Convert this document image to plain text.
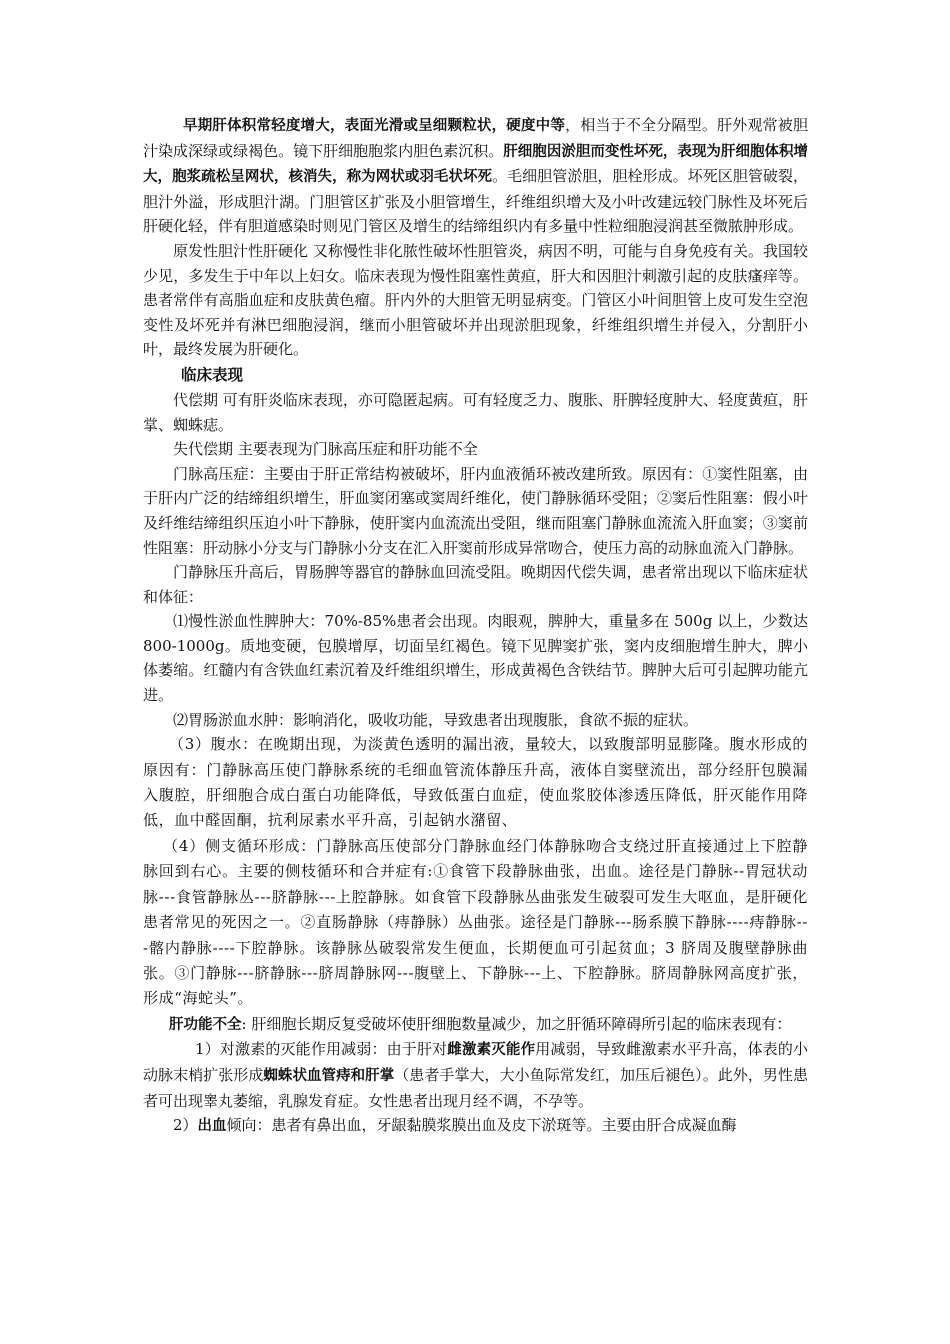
早期肝体积常轻度增大，表面光滑或呈细颗粒状，硬度中等，相当于不全分隔型。肝外观常被胆汁染成深绿或绿褐色。镜下肝细胞胞浆内胆色素沉积。肝细胞因淤胆而变性坏死，表现为肝细胞体积增大，胞浆疏松呈网状，核消失，称为网状或羽毛状坏死。毛细胆管淤胆，胆栓形成。坏死区胆管破裂，胆汁外溢，形成胆汁湖。门胆管区扩张及小胆管增生，纤维组织增大及小叶改建远较门脉性及坏死后肝硬化轻，伴有胆道感染时则见门管区及增生的结缔组织内有多量中性粒细胞浸润甚至微脓肿形成。

原发性胆汁性肝硬化 又称慢性非化脓性破坏性胆管炎，病因不明，可能与自身免疫有关。我国较少见，多发生于中年以上妇女。临床表现为慢性阻塞性黄疸，肝大和因胆汁刺激引起的皮肤瘙痒等。患者常伴有高脂血症和皮肤黄色瘤。肝内外的大胆管无明显病变。门管区小叶间胆管上皮可发生空泡变性及坏死并有淋巴细胞浸润，继而小胆管破坏并出现淤胆现象，纤维组织增生并侵入，分割肝小叶，最终发展为肝硬化。

临床表现

代偿期 可有肝炎临床表现，亦可隐匿起病。可有轻度乏力、腹胀、肝脾轻度肿大、轻度黄疸，肝掌、蜘蛛痣。

失代偿期 主要表现为门脉高压症和肝功能不全

门脉高压症：主要由于肝正常结构被破坏，肝内血液循环被改建所致。原因有：①窦性阻塞，由于肝内广泛的结缔组织增生，肝血窦闭塞或窦周纤维化，使门静脉循环受阻；②窦后性阻塞：假小叶及纤维结缔组织压迫小叶下静脉，使肝窦内血流流出受阻，继而阻塞门静脉血流流入肝血窦；③窦前性阻塞：肝动脉小分支与门静脉小分支在汇入肝窦前形成异常吻合，使压力高的动脉血流入门静脉。

门静脉压升高后，胃肠脾等器官的静脉血回流受阻。晚期因代偿失调，患者常出现以下临床症状和体征：

⑴慢性淤血性脾肿大：70%-85%患者会出现。肉眼观，脾肿大，重量多在 500g 以上，少数达 800-1000g。质地变硬，包膜增厚，切面呈红褐色。镜下见脾窦扩张，窦内皮细胞增生肿大，脾小体萎缩。红髓内有含铁血红素沉着及纤维组织增生，形成黄褐色含铁结节。脾肿大后可引起脾功能亢进。

⑵胃肠淤血水肿：影响消化，吸收功能，导致患者出现腹胀，食欲不振的症状。

（3）腹水：在晚期出现，为淡黄色透明的漏出液，量较大，以致腹部明显膨隆。腹水形成的原因有：门静脉高压使门静脉系统的毛细血管流体静压升高，液体自窦壁流出，部分经肝包膜漏入腹腔，肝细胞合成白蛋白功能降低，导致低蛋白血症，使血浆胶体渗透压降低，肝灭能作用降低，血中醛固酮，抗利尿素水平升高，引起钠水潴留、

（4）侧支循环形成：门静脉高压使部分门静脉血经门体静脉吻合支绕过肝直接通过上下腔静脉回到右心。主要的侧枝循环和合并症有:①食管下段静脉曲张，出血。途径是门静脉--胃冠状动脉---食管静脉丛---脐静脉---上腔静脉。如食管下段静脉丛曲张发生破裂可发生大呕血，是肝硬化患者常见的死因之一。②直肠静脉（痔静脉）丛曲张。途径是门静脉---肠系膜下静脉----痔静脉---髂内静脉----下腔静脉。该静脉丛破裂常发生便血，长期便血可引起贫血；3 脐周及腹壁静脉曲张。③门静脉---脐静脉---脐周静脉网---腹壁上、下静脉---上、下腔静脉。脐周静脉网高度扩张，形成“海蛇头”。

肝功能不全: 肝细胞长期反复受破坏使肝细胞数量减少，加之肝循环障碍所引起的临床表现有：

1）对激素的灭能作用减弱：由于肝对雌激素灭能作用减弱，导致雌激素水平升高，体表的小动脉末梢扩张形成蜘蛛状血管痔和肝掌（患者手掌大，大小鱼际常发红，加压后褪色）。此外，男性患者可出现睾丸萎缩，乳腺发育症。女性患者出现月经不调，不孕等。

2）出血倾向：患者有鼻出血，牙龈黏膜浆膜出血及皮下淤斑等。主要由肝合成凝血酶
